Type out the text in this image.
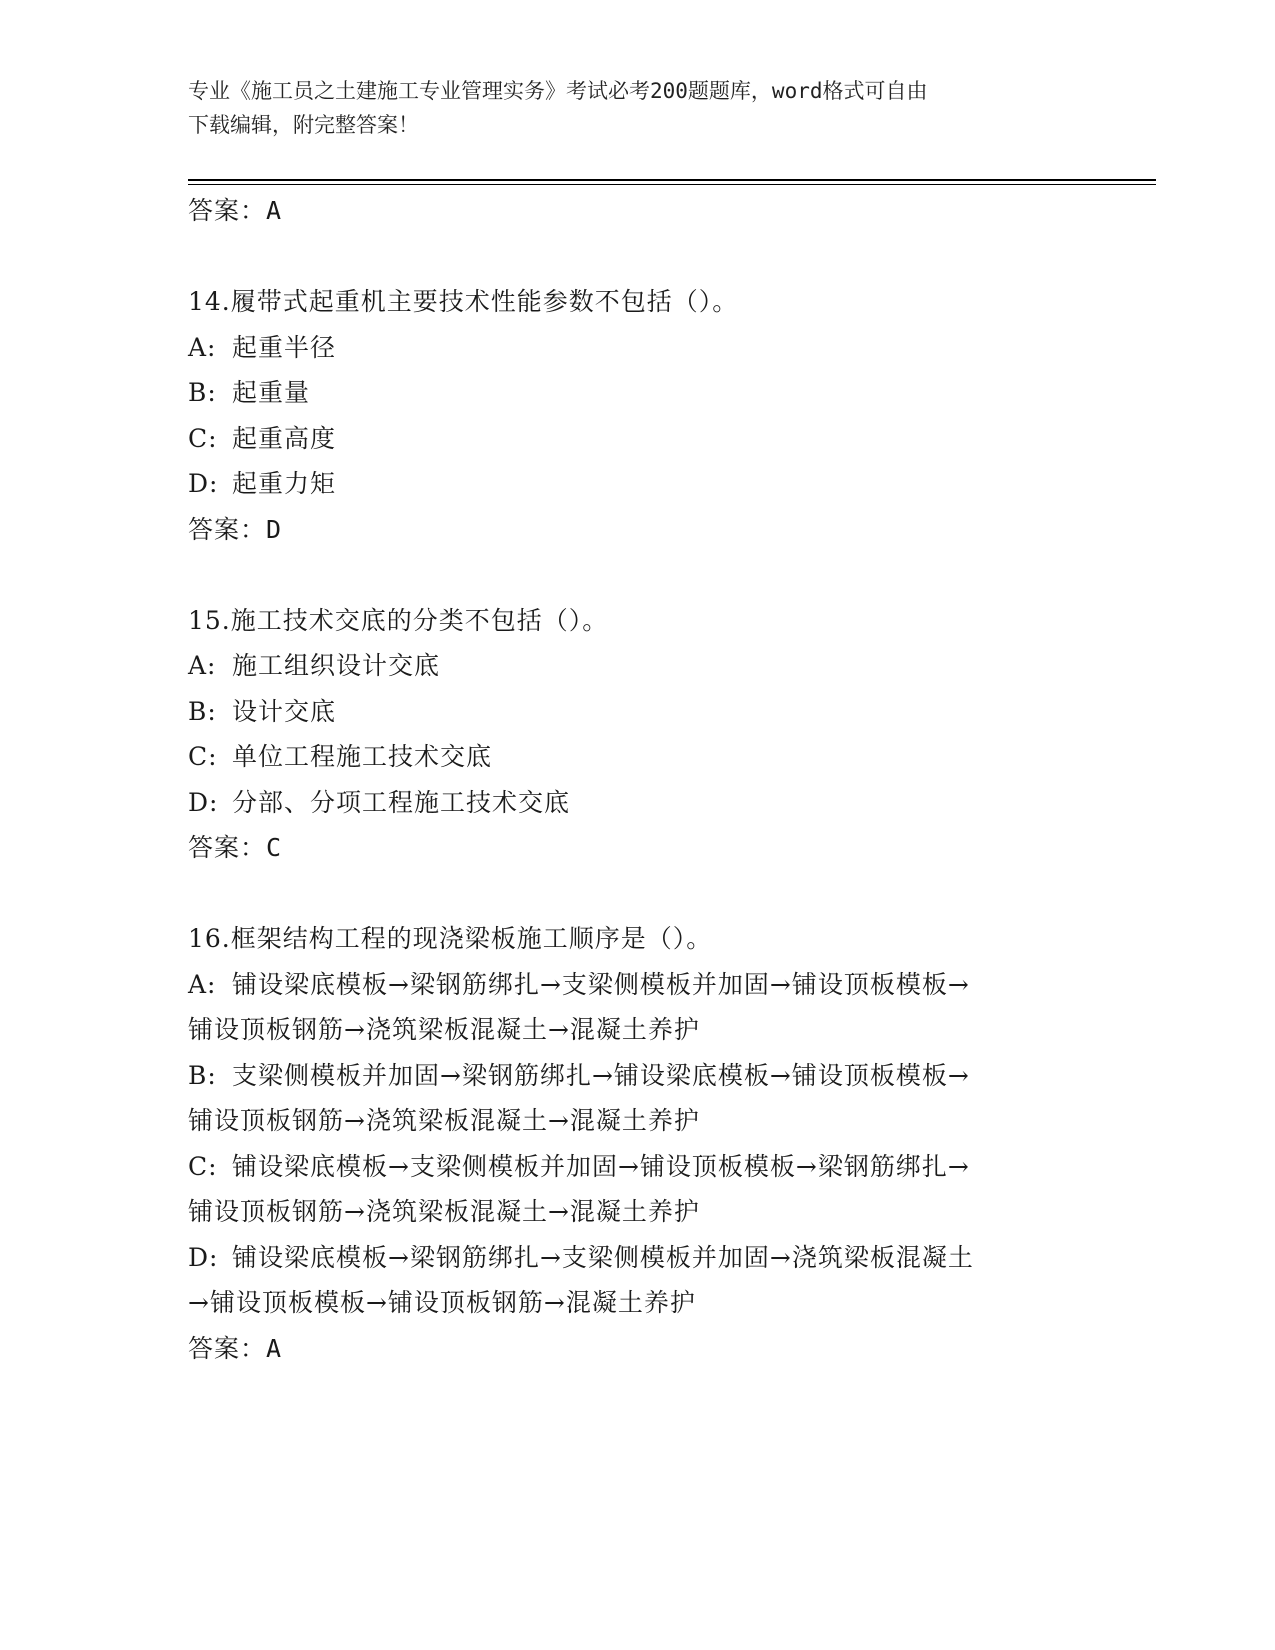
专业《施工员之土建施工专业管理实务》考试必考200题题库，word格式可自由
下载编辑，附完整答案！
答案：A
14.履带式起重机主要技术性能参数不包括（）。
A: 起重半径
B: 起重量
C: 起重高度
D: 起重力矩
答案：D
15.施工技术交底的分类不包括（）。
A: 施工组织设计交底
B: 设计交底
C: 单位工程施工技术交底
D: 分部、分项工程施工技术交底
答案：C
16.框架结构工程的现浇梁板施工顺序是（）。
A: 铺设梁底模板→梁钢筋绑扎→支梁侧模板并加固→铺设顶板模板→
铺设顶板钢筋→浇筑梁板混凝土→混凝土养护
B: 支梁侧模板并加固→梁钢筋绑扎→铺设梁底模板→铺设顶板模板→
铺设顶板钢筋→浇筑梁板混凝土→混凝土养护
C: 铺设梁底模板→支梁侧模板并加固→铺设顶板模板→梁钢筋绑扎→
铺设顶板钢筋→浇筑梁板混凝土→混凝土养护
D: 铺设梁底模板→梁钢筋绑扎→支梁侧模板并加固→浇筑梁板混凝土
→铺设顶板模板→铺设顶板钢筋→混凝土养护
答案：A
